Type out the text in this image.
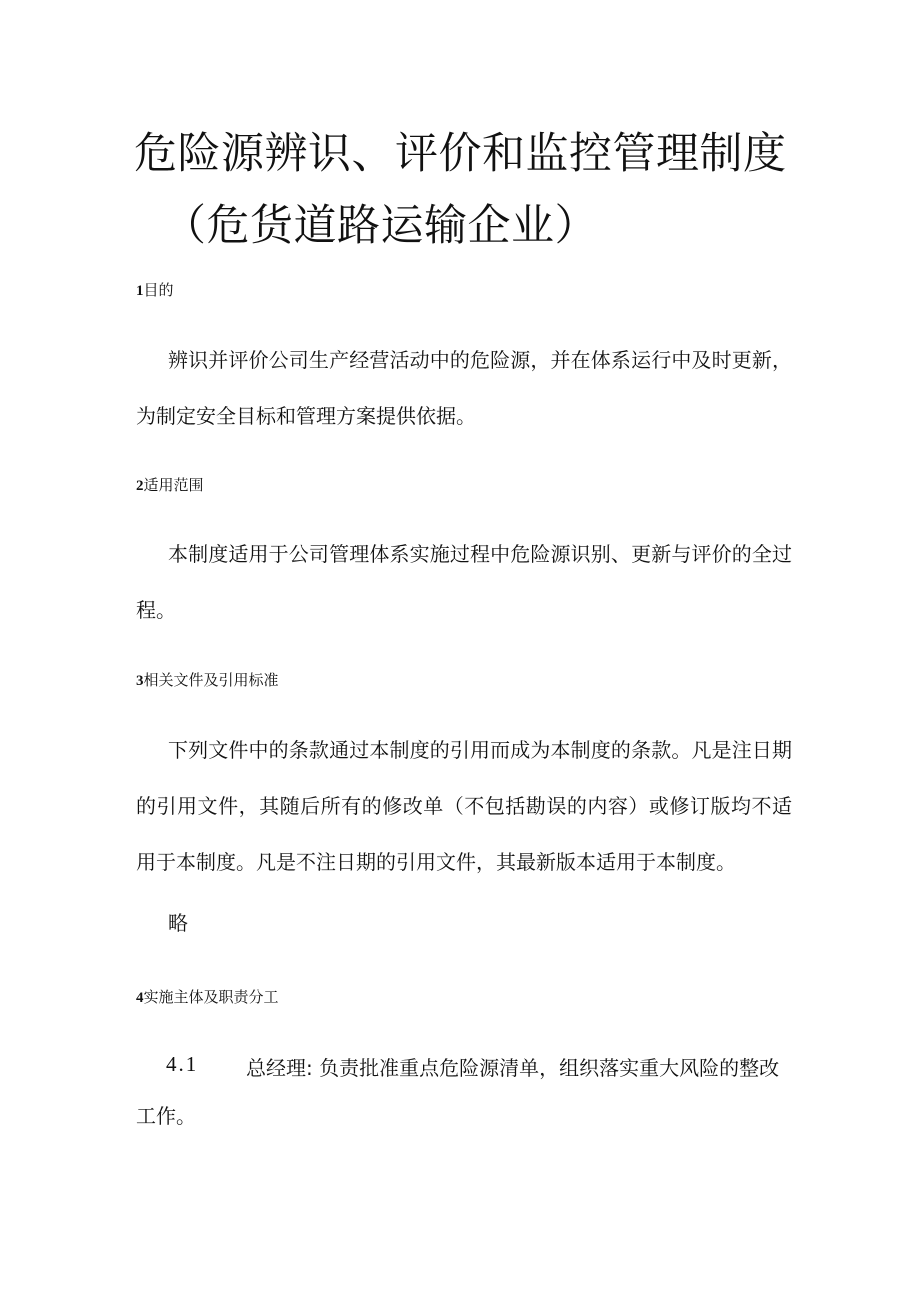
危险源辨识、评价和监控管理制度
（危货道路运输企业）
1目的
辨识并评价公司生产经营活动中的危险源，并在体系运行中及时更新，为制定安全目标和管理方案提供依据。
2适用范围
本制度适用于公司管理体系实施过程中危险源识别、更新与评价的全过程。
3相关文件及引用标准
下列文件中的条款通过本制度的引用而成为本制度的条款。凡是注日期的引用文件，其随后所有的修改单（不包括勘误的内容）或修订版均不适用于本制度。凡是不注日期的引用文件，其最新版本适用于本制度。
略
4实施主体及职责分工
4.1 总经理: 负责批准重点危险源清单，组织落实重大风险的整改
工作。
